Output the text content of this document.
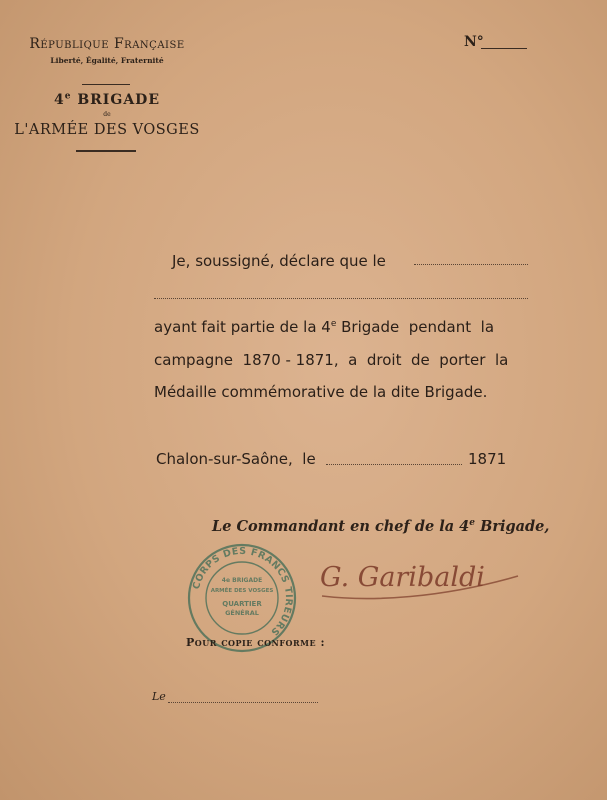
République Française
Liberté, Égalité, Fraternité
4e BRIGADE
de
L'ARMÉE DES VOSGES
N°
Je, soussigné, déclare que le
ayant fait partie de la 4e Brigade  pendant  la
campagne  1870 - 1871,  a  droit  de  porter  la
Médaille commémorative de la dite Brigade.
Chalon-sur-Saône,  le	1871
Le Commandant en chef de la 4e Brigade,
CORPS DES FRANCS TIREURS
4e BRIGADE
ARMÉE DES VOSGES
QUARTIER
GÉNÉRAL
G. Garibaldi
Pour copie conforme :
Le
